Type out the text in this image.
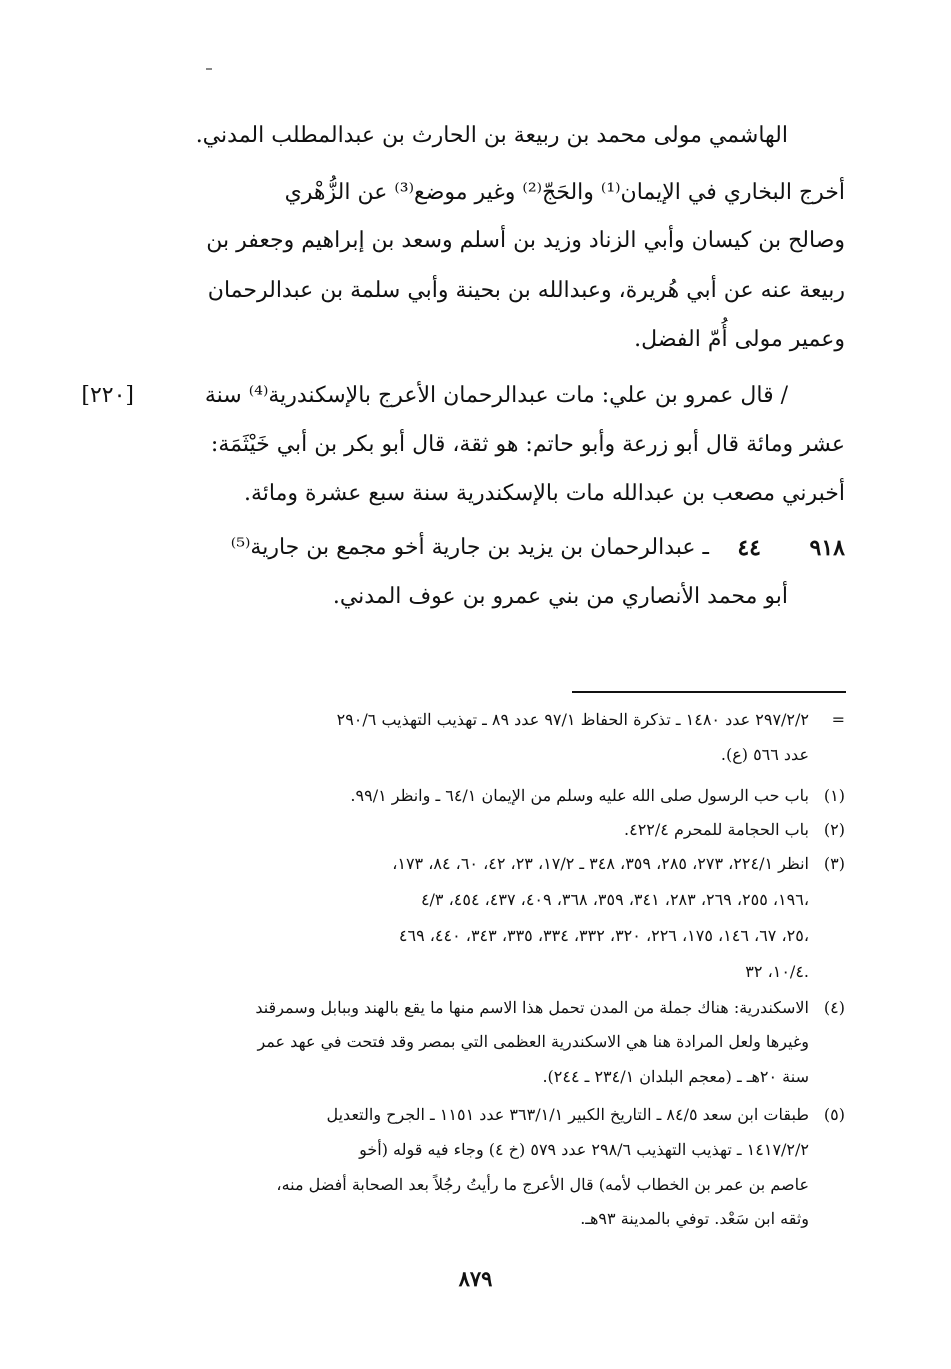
الهاشمي مولى محمد بن ربيعة بن الحارث بن عبدالمطلب المدني.

أخرج البخاري في الإيمان⁽¹⁾ والحَجّ⁽²⁾ وغير موضع⁽³⁾ عن الزُّهْري

وصالح بن كيسان وأبي الزناد وزيد بن أسلم وسعد بن إبراهيم وجعفر بن

ربيعة عنه عن أبي هُريرة، وعبدالله بن بحينة وأبي سلمة بن عبدالرحمان

وعمير مولى أُمّ الفضل.

/ قال عمرو بن علي: مات عبدالرحمان الأعرج بالإسكندرية⁽⁴⁾ سنة

[٢٢٠]

عشر ومائة قال أبو زرعة وأبو حاتم: هو ثقة، قال أبو بكر بن أبي خَيْثَمَة:

أخبرني مصعب بن عبدالله مات بالإسكندرية سنة سبع عشرة ومائة.

٩١٨
٤٤

ـ عبدالرحمان بن يزيد بن جارية أخو مجمع بن جارية⁽⁵⁾

أبو محمد الأنصاري من بني عمرو بن عوف المدني.

=

٢٩٧/٢/٢ عدد ١٤٨٠ ـ تذكرة الحفاظ ٩٧/١ عدد ٨٩ ـ تهذيب التهذيب ٢٩٠/٦

عدد ٥٦٦ (ع).

(١)

باب حب الرسول صلى الله عليه وسلم من الإيمان ٦٤/١ ـ وانظر ٩٩/١.

(٢)

باب الحجامة للمحرم ٤٢٢/٤.

(٣)

انظر ٢٢٤/١، ٢٧٣، ٢٨٥، ٣٥٩، ٣٤٨ ـ ١٧/٢، ٢٣، ٤٢، ٦٠، ٨٤، ١٧٣،

١٩٦، ٢٥٥، ٢٦٩، ٢٨٣، ٣٤١، ٣٥٩، ٣٦٨، ٤٠٩، ٤٣٧، ٤٥٤، ٤/٣،

٢٥، ٦٧، ١٤٦، ١٧٥، ٢٢٦، ٣٢٠، ٣٣٢، ٣٣٤، ٣٣٥، ٣٤٣، ٤٤٠، ٤٦٩،

١٠/٤، ٣٢.

(٤)

الاسكندرية: هناك جملة من المدن تحمل هذا الاسم منها ما يقع بالهند وببابل وسمرقند

وغيرها ولعل المرادة هنا هي الاسكندرية العظمى التي بمصر وقد فتحت في عهد عمر

سنة ٢٠هـ ـ (معجم البلدان ٢٣٤/١ ـ ٢٤٤).

(٥)

طبقات ابن سعد ٨٤/٥ ـ التاريخ الكبير ٣٦٣/١/١ عدد ١١٥١ ـ الجرح والتعديل

١٤١٧/٢/٢ ـ تهذيب التهذيب ٢٩٨/٦ عدد ٥٧٩ (خ ٤) وجاء فيه قوله (أخو

عاصم بن عمر بن الخطاب لأمه) قال الأعرج ما رأيتُ رجُلاً بعد الصحابة أفضل منه،

وثقه ابن سَعْد. توفي بالمدينة ٩٣هـ.

٨٧٩
